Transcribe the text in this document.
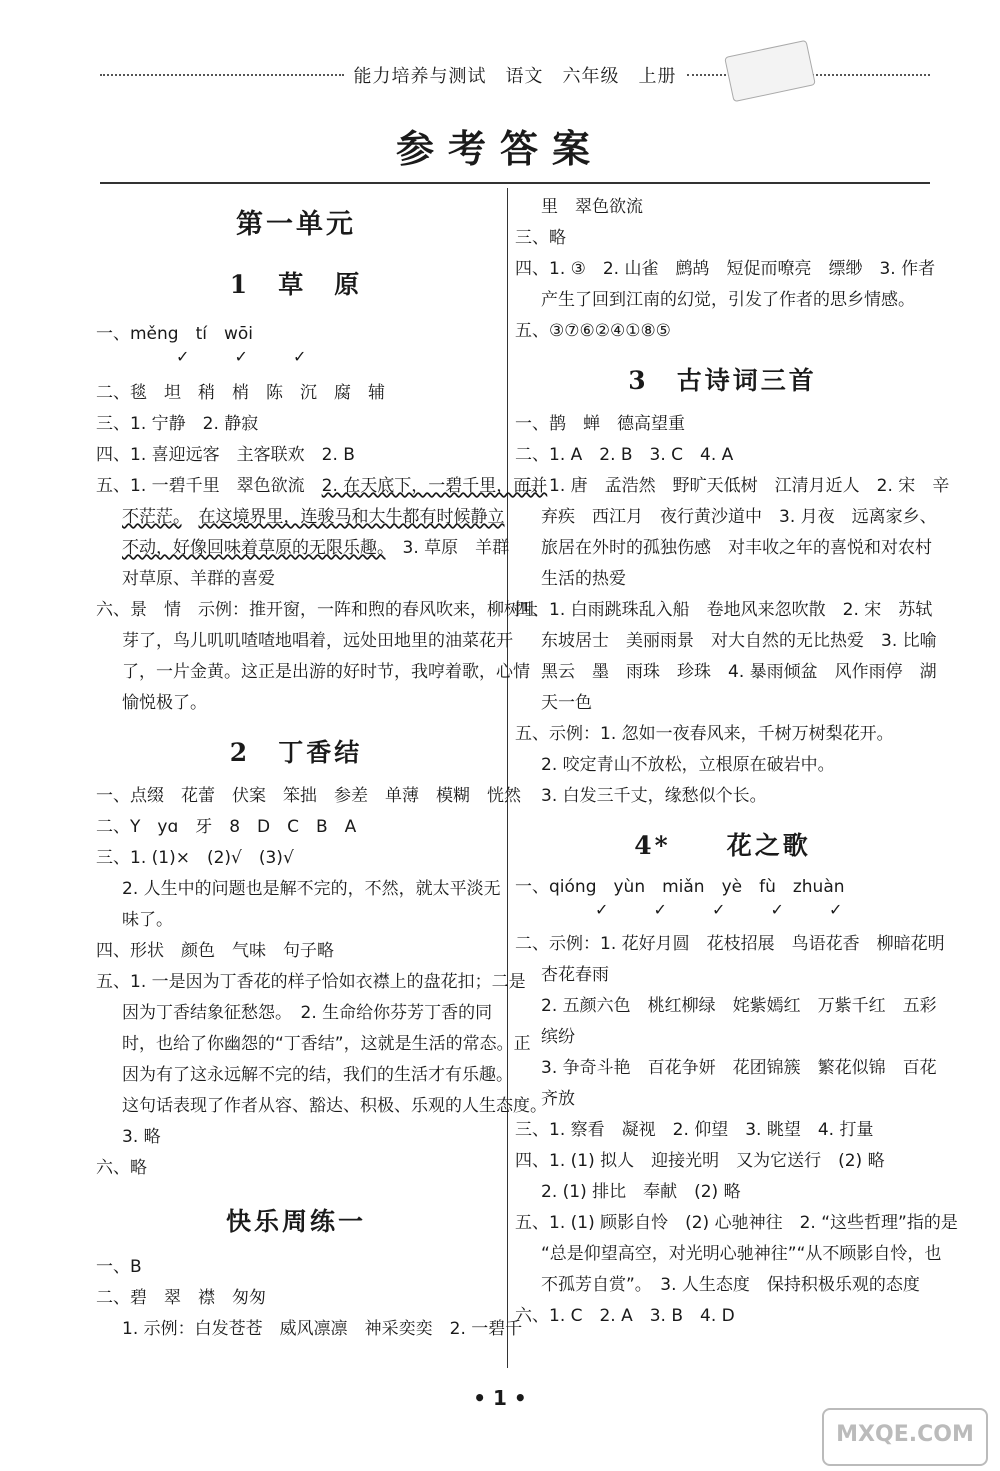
能力培养与测试　语文　六年级　上册
参考答案
第一单元
1　草　原
一、měng　tí　wōi
✓ ✓ ✓
二、毯　坦　稍　梢　陈　沉　腐　辅
三、1. 宁静　2. 静寂
四、1. 喜迎远客　主客联欢　2. B
五、1. 一碧千里　翠色欲流　2. 在天底下，一碧千里，而并
不茫茫。　 在这境界里，连骏马和大牛都有时候静立
不动，好像回味着草原的无限乐趣。　3. 草原　羊群
对草原、羊群的喜爱
六、景　情　示例：推开窗，一阵和煦的春风吹来，柳树吐
芽了，鸟儿叽叽喳喳地唱着，远处田地里的油菜花开
了，一片金黄。这正是出游的好时节，我哼着歌，心情
愉悦极了。
2　丁香结
一、点缀　花蕾　伏案　笨拙　参差　单薄　模糊　恍然
二、Y　yɑ　牙　8　D　C　B　A
三、1. (1)×　(2)√　(3)√
2. 人生中的问题也是解不完的，不然，就太平淡无
味了。
四、形状　颜色　气味　句子略
五、1. 一是因为丁香花的样子恰如衣襟上的盘花扣；二是
因为丁香结象征愁怨。　2. 生命给你芬芳丁香的同
时，也给了你幽怨的“丁香结”，这就是生活的常态。正
因为有了这永远解不完的结，我们的生活才有乐趣。
这句话表现了作者从容、豁达、积极、乐观的人生态度。
3. 略
六、略
快乐周练一
一、B
二、碧　翠　襟　匆匆
1. 示例：白发苍苍　威风凛凛　神采奕奕　2. 一碧千
里　翠色欲流
三、略
四、1. ③　2. 山雀　鹧鸪　短促而嘹亮　缥缈　3. 作者
产生了回到江南的幻觉，引发了作者的思乡情感。
五、③⑦⑥②④①⑧⑤
3　古诗词三首
一、鹊　蝉　德高望重
二、1. A　2. B　3. C　4. A
三、1. 唐　孟浩然　野旷天低树　江清月近人　2. 宋　辛
弃疾　西江月　夜行黄沙道中　3. 月夜　远离家乡、
旅居在外时的孤独伤感　对丰收之年的喜悦和对农村
生活的热爱
四、1. 白雨跳珠乱入船　卷地风来忽吹散　2. 宋　苏轼
东坡居士　美丽雨景　对大自然的无比热爱　3. 比喻
黑云　墨　雨珠　珍珠　4. 暴雨倾盆　风作雨停　湖
天一色
五、示例：1. 忽如一夜春风来，千树万树梨花开。
2. 咬定青山不放松，立根原在破岩中。
3. 白发三千丈，缘愁似个长。
4*　　花之歌
一、qióng　yùn　miǎn　yè　fù　zhuàn
✓ ✓ ✓ ✓ ✓
二、示例：1. 花好月圆　花枝招展　鸟语花香　柳暗花明
杏花春雨
2. 五颜六色　桃红柳绿　姹紫嫣红　万紫千红　五彩
缤纷
3. 争奇斗艳　百花争妍　花团锦簇　繁花似锦　百花
齐放
三、1. 察看　凝视　2. 仰望　3. 眺望　4. 打量
四、1. (1) 拟人　迎接光明　又为它送行　(2) 略
2. (1) 排比　奉献　(2) 略
五、1. (1) 顾影自怜　(2) 心驰神往　2. “这些哲理”指的是
“总是仰望高空，对光明心驰神往”“从不顾影自怜，也
不孤芳自赏”。　3. 人生态度　保持积极乐观的态度
六、1. C　2. A　3. B　4. D
• 1 •
MXQE.COM
